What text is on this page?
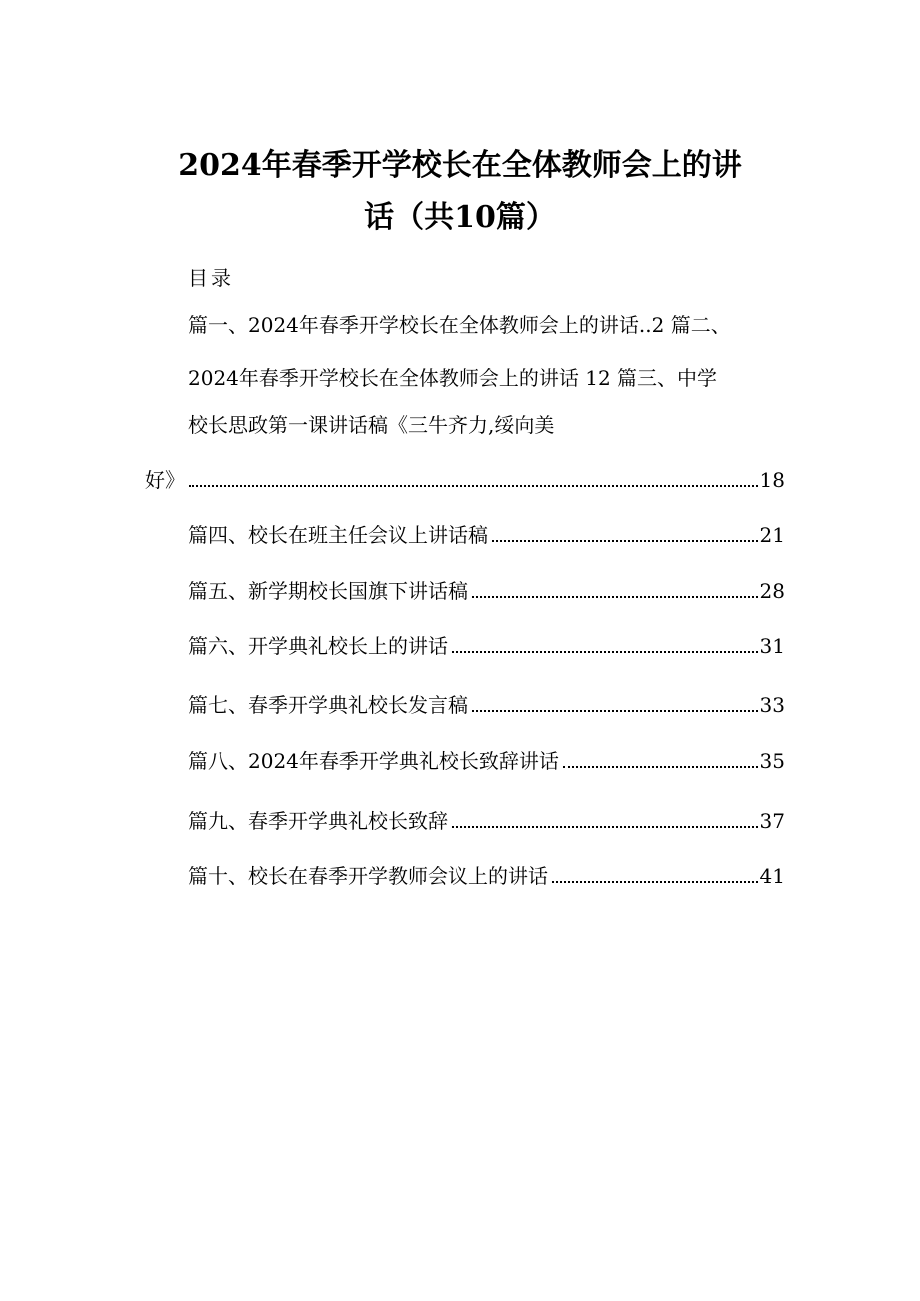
2024年春季开学校长在全体教师会上的讲
话（共10篇）
目录
篇一、2024年春季开学校长在全体教师会上的讲话..2 篇二、
2024年春季开学校长在全体教师会上的讲话 12 篇三、中学
校长思政第一课讲话稿《三牛齐力,绥向美
好》	18
篇四、校长在班主任会议上讲话稿	21
篇五、新学期校长国旗下讲话稿	28
篇六、开学典礼校长上的讲话	31
篇七、春季开学典礼校长发言稿	33
篇八、2024年春季开学典礼校长致辞讲话	35
篇九、春季开学典礼校长致辞	37
篇十、校长在春季开学教师会议上的讲话	41
